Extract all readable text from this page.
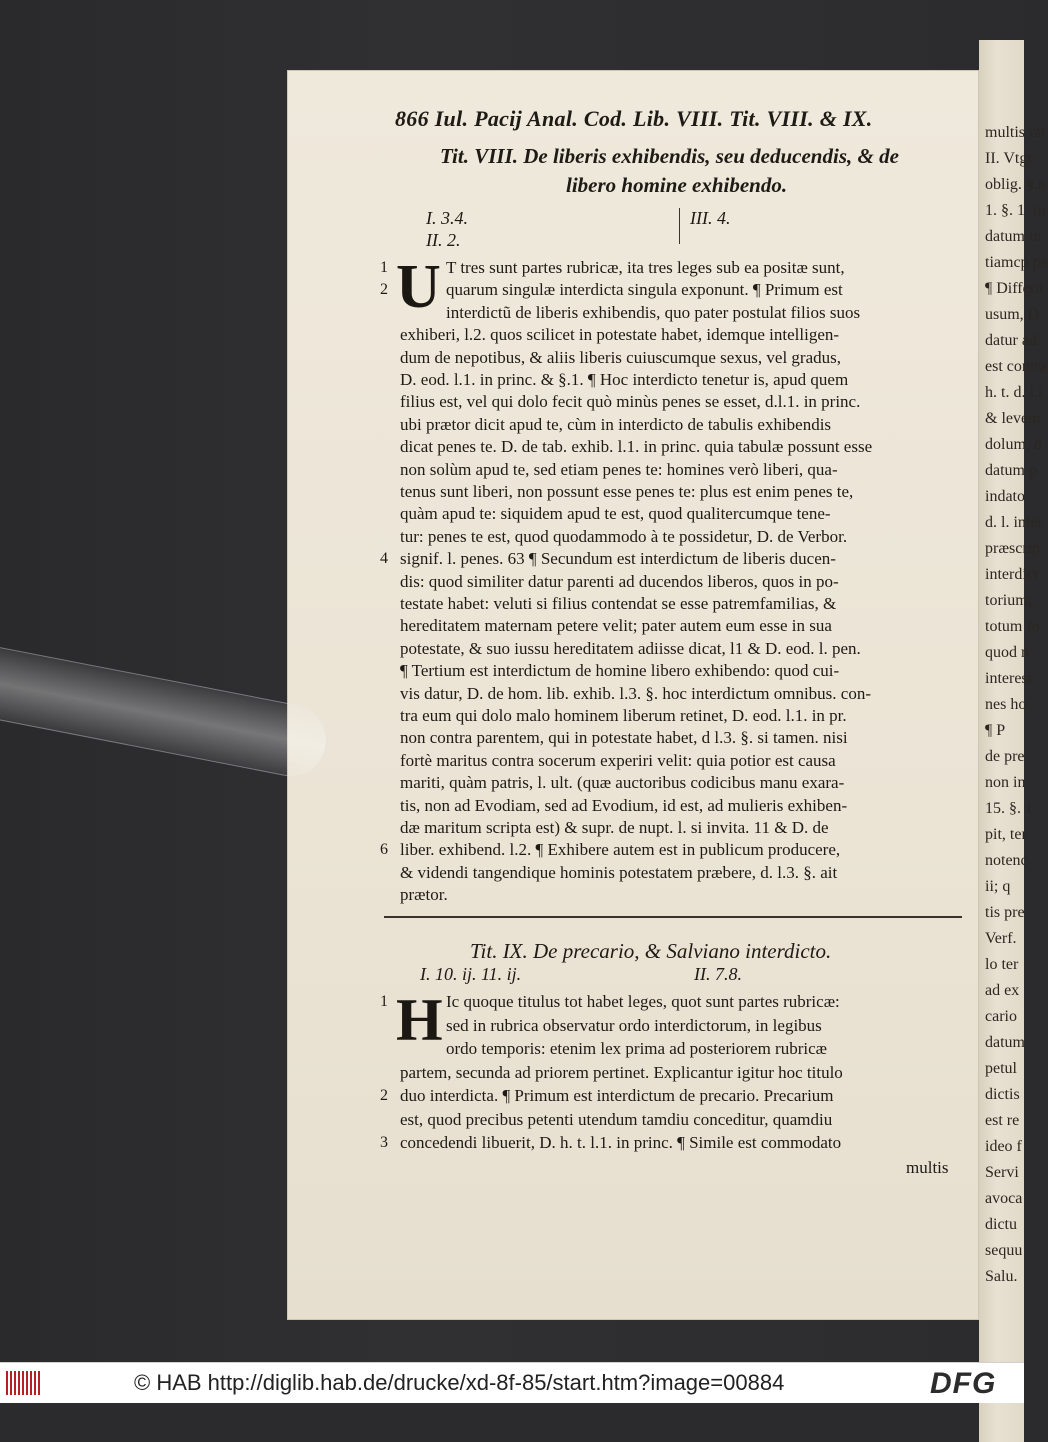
multis rat
II. Vtgr
oblig. §.n
1. §. 1. in
datum in
tiamcp pe
¶ Differu
usum, D
datur ad
est contra
h. t. d. l.i
& levem
dolum, d
datum p
indato.
d. l. inter
præscrip
interdict
torium;
totum fo
quod n
interest
nes ho
¶ P
de pre
non in
15. §. 1
pit, ter
notenc
ii; q
tis pre
Verf.
lo ter
ad ex
cario
datum
petul
dictis
est re
ideo f
Servi
avoca
dictu
sequu
Salu.
866 Iul. Pacij Anal. Cod. Lib. VIII. Tit. VIII. & IX.
Tit. VIII. De liberis exhibendis, seu deducendis, & de
libero homine exhibendo.
I. 3.4.
II. 2.
III. 4.
U
1	T tres sunt partes rubricæ, ita tres leges sub ea positæ sunt,
2	quarum singulæ interdicta singula exponunt. ¶ Primum est
interdictũ de liberis exhibendis, quo pater postulat filios suos
exhiberi, l.2. quos scilicet in potestate habet, idemque intelligen-
dum de nepotibus, & aliis liberis cuiuscumque sexus, vel gradus,
D. eod. l.1. in princ. & §.1. ¶ Hoc interdicto tenetur is, apud quem
filius est, vel qui dolo fecit quò minùs penes se esset, d.l.1. in princ.
ubi prætor dicit apud te, cùm in interdicto de tabulis exhibendis
dicat penes te. D. de tab. exhib. l.1. in princ. quia tabulæ possunt esse
non solùm apud te, sed etiam penes te: homines verò liberi, qua-
tenus sunt liberi, non possunt esse penes te: plus est enim penes te,
quàm apud te: siquidem apud te est, quod qualitercumque tene-
tur: penes te est, quod quodammodo à te possidetur, D. de Verbor.
4 signif. l. penes. 63 ¶ Secundum est interdictum de liberis ducen-
dis: quod similiter datur parenti ad ducendos liberos, quos in po-
testate habet: veluti si filius contendat se esse patremfamilias, &
hereditatem maternam petere velit; pater autem eum esse in sua
potestate, & suo iussu hereditatem adiisse dicat, l1 & D. eod. l. pen.
¶ Tertium est interdictum de homine libero exhibendo: quod cui-
vis datur, D. de hom. lib. exhib. l.3. §. hoc interdictum omnibus. con-
tra eum qui dolo malo hominem liberum retinet, D. eod. l.1. in pr.
non contra parentem, qui in potestate habet, d l.3. §. si tamen. nisi
fortè maritus contra socerum experiri velit: quia potior est causa
mariti, quàm patris, l. ult. (quæ auctoribus codicibus manu exara-
tis, non ad Evodiam, sed ad Evodium, id est, ad mulieris exhiben-
dæ maritum scripta est) & supr. de nupt. l. si invita. 11 & D. de
6 liber. exhibend. l.2. ¶ Exhibere autem est in publicum producere,
& videndi tangendique hominis potestatem præbere, d. l.3. §. ait
prætor.
Tit. IX. De precario, & Salviano interdicto.
I. 10. ij. 11. ij.	II. 7.8.
H
1	Ic quoque titulus tot habet leges, quot sunt partes rubricæ:
sed in rubrica observatur ordo interdictorum, in legibus
ordo temporis: etenim lex prima ad posteriorem rubricæ
partem, secunda ad priorem pertinet. Explicantur igitur hoc titulo
2 duo interdicta. ¶ Primum est interdictum de precario. Precarium
est, quod precibus petenti utendum tamdiu conceditur, quamdiu
3 concedendi libuerit, D. h. t. l.1. in princ. ¶ Simile est commodato
multis
© HAB http://diglib.hab.de/drucke/xd-8f-85/start.htm?image=00884	DFG
